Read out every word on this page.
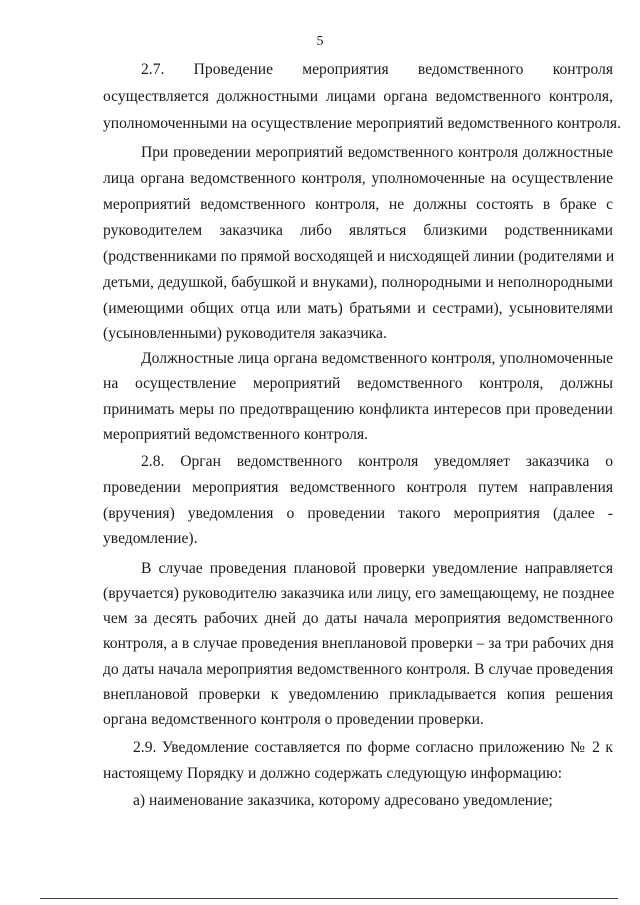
5
2.7. Проведение мероприятия ведомственного контроля
осуществляется должностными лицами органа ведомственного контроля,
уполномоченными на осуществление мероприятий ведомственного контроля.
При проведении мероприятий ведомственного контроля должностные
лица органа ведомственного контроля, уполномоченные на осуществление
мероприятий ведомственного контроля, не должны состоять в браке с
руководителем заказчика либо являться близкими родственниками
(родственниками по прямой восходящей и нисходящей линии (родителями и
детьми, дедушкой, бабушкой и внуками), полнородными и неполнородными
(имеющими общих отца или мать) братьями и сестрами), усыновителями
(усыновленными) руководителя заказчика.
Должностные лица органа ведомственного контроля, уполномоченные
на осуществление мероприятий ведомственного контроля, должны
принимать меры по предотвращению конфликта интересов при проведении
мероприятий ведомственного контроля.
2.8. Орган ведомственного контроля уведомляет заказчика о
проведении мероприятия ведомственного контроля путем направления
(вручения) уведомления о проведении такого мероприятия (далее -
уведомление).
В случае проведения плановой проверки уведомление направляется
(вручается) руководителю заказчика или лицу, его замещающему, не позднее
чем за десять рабочих дней до даты начала мероприятия ведомственного
контроля, а в случае проведения внеплановой проверки – за три рабочих дня
до даты начала мероприятия ведомственного контроля. В случае проведения
внеплановой проверки к уведомлению прикладывается копия решения
органа ведомственного контроля о проведении проверки.
2.9. Уведомление составляется по форме согласно приложению № 2 к
настоящему Порядку и должно содержать следующую информацию:
а) наименование заказчика, которому адресовано уведомление;
